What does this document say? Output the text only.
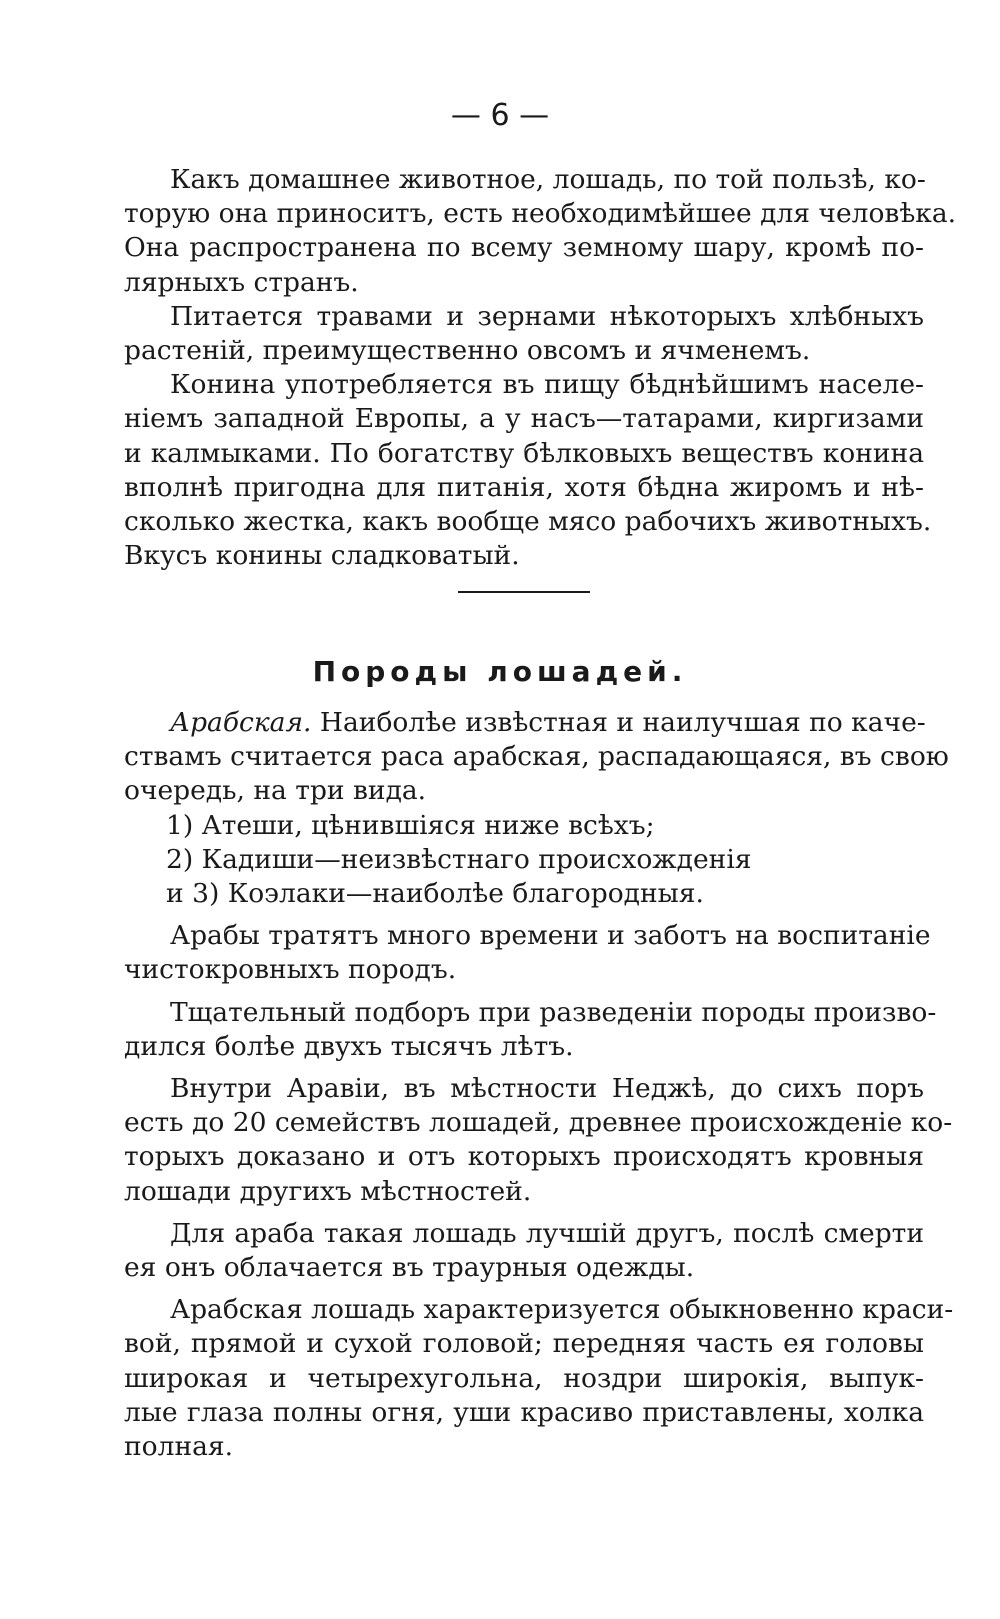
— 6 —
Какъ домашнее животное, лошадь, по той пользѣ, ко-
торую она приноситъ, есть необходимѣйшее для человѣка.
Она распространена по всему земному шару, кромѣ по-
лярныхъ странъ.
Питается травами и зернами нѣкоторыхъ хлѣбныхъ
растенiй, преимущественно овсомъ и ячменемъ.
Конина употребляется въ пищу бѣднѣйшимъ населе-
нiемъ западной Европы, а у насъ—татарами, киргизами
и калмыками. По богатству бѣлковыхъ веществъ конина
вполнѣ пригодна для питанiя, хотя бѣдна жиромъ и нѣ-
сколько жестка, какъ вообще мясо рабочихъ животныхъ.
Вкусъ конины сладковатый.
Породы лошадей.
Арабская. Наиболѣе извѣстная и наилучшая по каче-
ствамъ считается раса арабская, распадающаяся, въ свою
очередь, на три вида.
1) Атеши, цѣнившiяся ниже всѣхъ;
2) Кадиши—неизвѣстнаго происхожденiя
и 3) Коэлаки—наиболѣе благородныя.
Арабы тратятъ много времени и заботъ на воспитанiе
чистокровныхъ породъ.
Тщательный подборъ при разведенiи породы произво-
дился болѣе двухъ тысячъ лѣтъ.
Внутри Аравiи, въ мѣстности Неджѣ, до сихъ поръ
есть до 20 семействъ лошадей, древнее происхожденiе ко-
торыхъ доказано и отъ которыхъ происходятъ кровныя
лошади другихъ мѣстностей.
Для араба такая лошадь лучшiй другъ, послѣ смерти
ея онъ облачается въ траурныя одежды.
Арабская лошадь характеризуется обыкновенно краси-
вой, прямой и сухой головой; передняя часть ея головы
широкая и четырехугольна, ноздри широкiя, выпук-
лые глаза полны огня, уши красиво приставлены, холка
полная.
